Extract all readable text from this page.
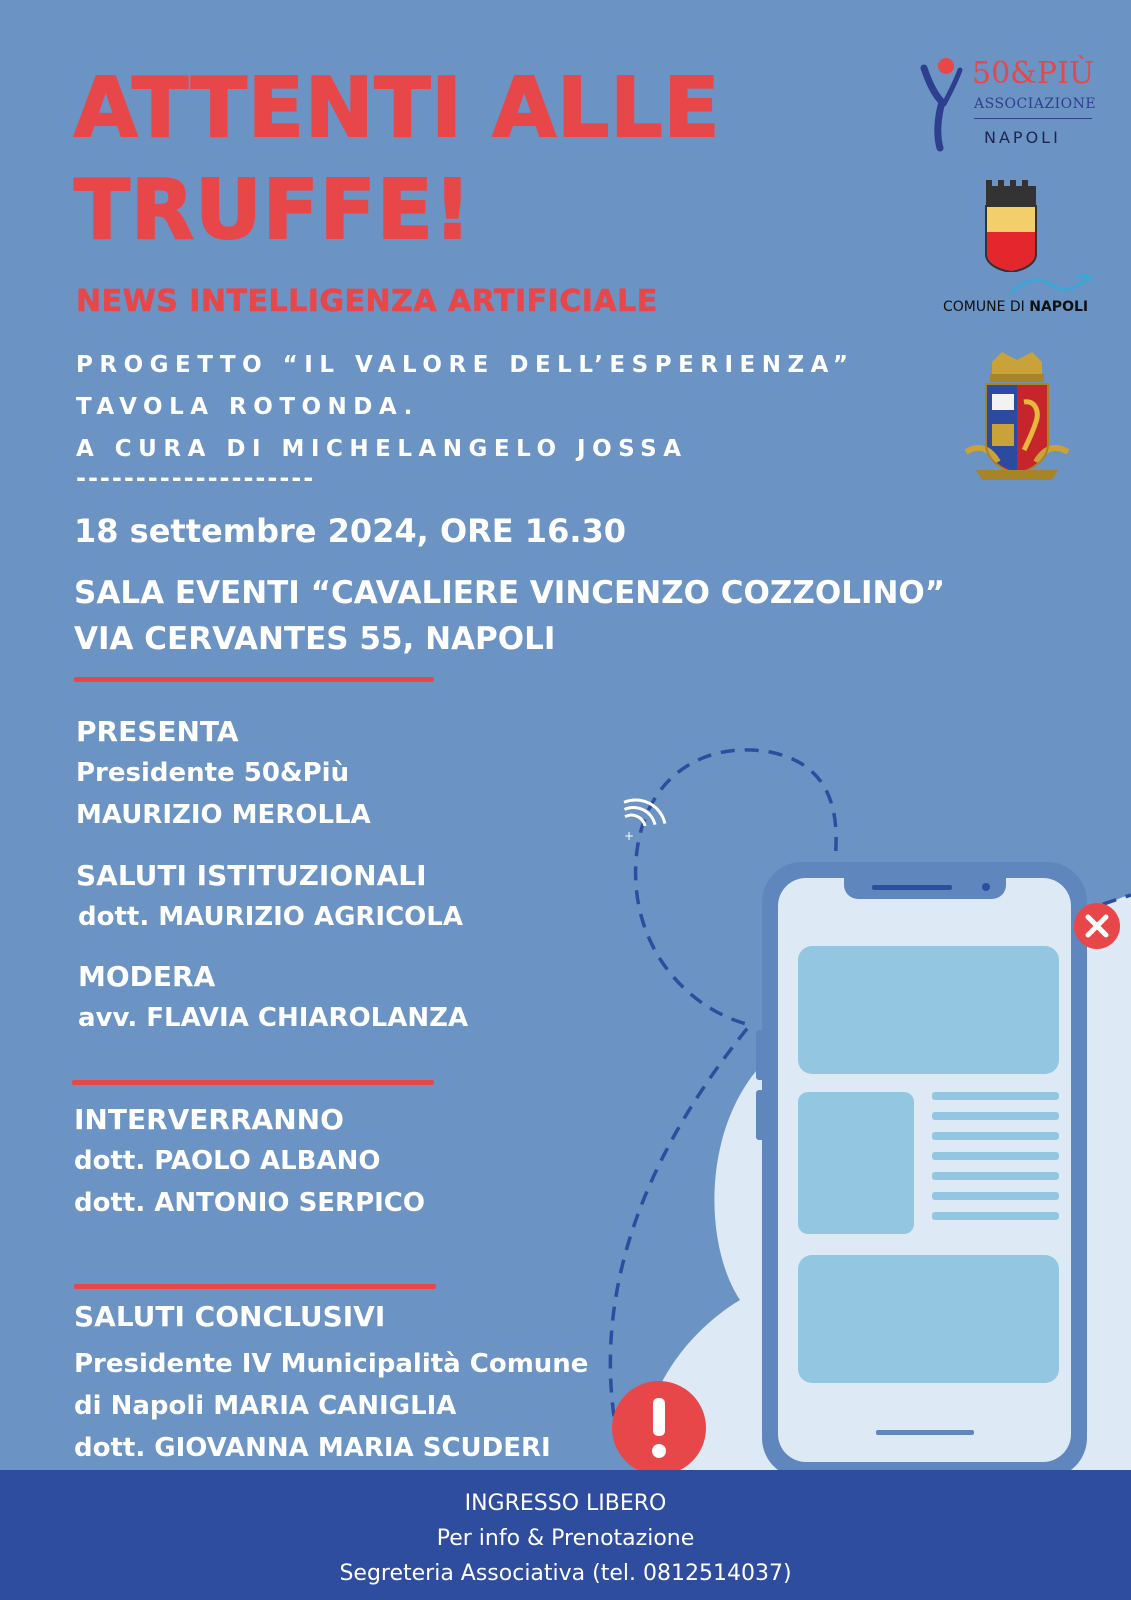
+
50&PIÙ
ASSOCIAZIONE
NAPOLI
COMUNE DI NAPOLI
ATTENTI ALLE
TRUFFE!
NEWS INTELLIGENZA ARTIFICIALE
PROGETTO “IL VALORE DELL’ESPERIENZA”
TAVOLA ROTONDA.
A CURA DI MICHELANGELO JOSSA
--------------------
18 settembre 2024, ORE 16.30
SALA EVENTI “CAVALIERE VINCENZO COZZOLINO”
VIA CERVANTES 55, NAPOLI
PRESENTA
Presidente 50&Più
MAURIZIO MEROLLA
SALUTI ISTITUZIONALI
dott. MAURIZIO AGRICOLA
MODERA
avv. FLAVIA CHIAROLANZA
INTERVERRANNO
dott. PAOLO ALBANO
dott. ANTONIO SERPICO
SALUTI CONCLUSIVI
Presidente IV Municipalità Comune
di Napoli MARIA CANIGLIA
dott. GIOVANNA MARIA SCUDERI
INGRESSO LIBERO
Per info & Prenotazione
Segreteria Associativa (tel. 0812514037)
